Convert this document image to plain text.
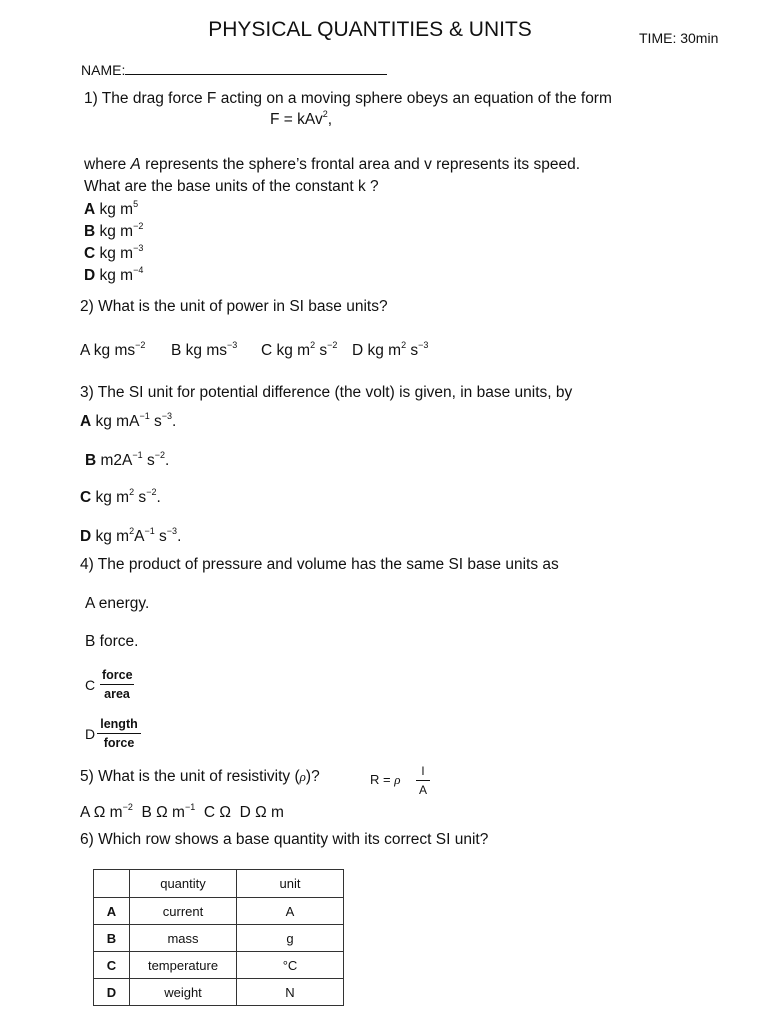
PHYSICAL QUANTITIES & UNITS	TIME: 30min
NAME:
1) The drag force F acting on a moving sphere obeys an equation of the form
F = kAv$^2$,
where A represents the sphere’s frontal area and v represents its speed.
What are the base units of the constant k ?
A kg $m^5$
B kg $m^{-2}$
C kg $m^{-3}$
D kg $m^{-4}$
2) What is the unit of power in SI base units?
A kg $ms^{-2}$ B kg $ms^{-3}$ C kg $m^2$ $s^{-2}$ D kg $m^2$ $s^{-3}$
3) The SI unit for potential difference (the volt) is given, in base units, by
A kg $mA^{-1}$ $s^{-3}$.
B $m2A^{-1}$ $s^{-2}$.
C kg $m^2$ $s^{-2}$.
D kg $m^2A^{-1}$ $s^{-3}$.
4) The product of pressure and volume has the same SI base units as
A energy.
B force.
C
force
area
D
length
force
5) What is the unit of resistivity (ρ)?	R = ρ $\frac{l}{A}$
A Ω $m^{-2}$ B Ω $m^{-1}$ C Ω D Ω m
6) Which row shows a base quantity with its correct SI unit?
	quantity	unit
A	current	A
B	mass	g
C	temperature	°C
D	weight	N
